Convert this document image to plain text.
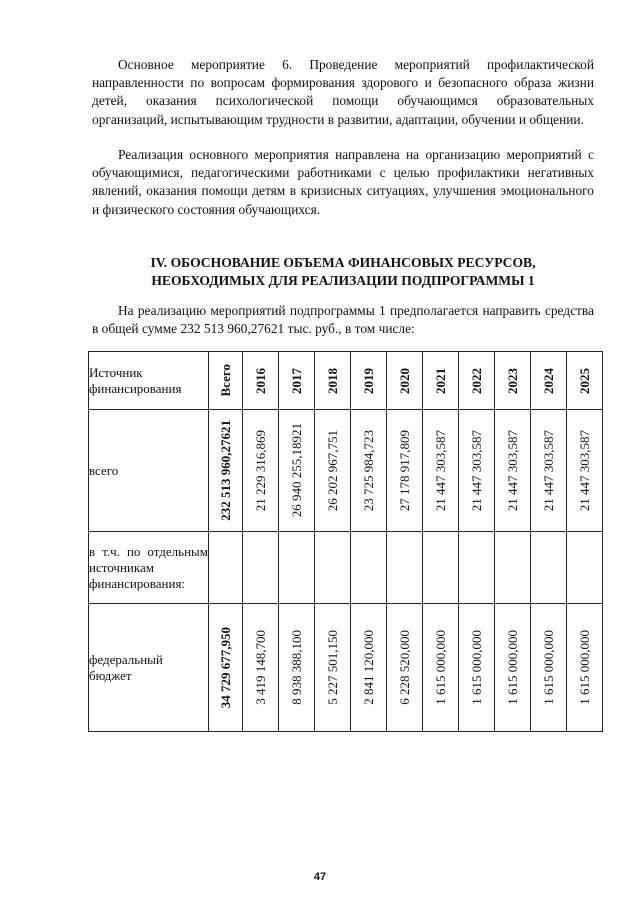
Основное мероприятие 6. Проведение мероприятий профилактической направленности по вопросам формирования здорового и безопасного образа жизни детей, оказания психологической помощи обучающимся образовательных организаций, испытывающим трудности в развитии, адаптации, обучении и общении.

Реализация основного мероприятия направлена на организацию мероприятий с обучающимися, педагогическими работниками с целью профилактики негативных явлений, оказания помощи детям в кризисных ситуациях, улучшения эмоционального и физического состояния обучающихся.

IV. ОБОСНОВАНИЕ ОБЪЕМА ФИНАНСОВЫХ РЕСУРСОВ,
НЕОБХОДИМЫХ ДЛЯ РЕАЛИЗАЦИИ ПОДПРОГРАММЫ 1

На реализацию мероприятий подпрограммы 1 предполагается направить средства в общей сумме 232 513 960,27621 тыс. руб., в том числе:

Источник финансирования	Всего	2016	2017	2018	2019	2020	2021	2022	2023	2024	2025

всего	232 513 960,27621	21 229 316,869	26 940 255,18921	26 202 967,751	23 725 984,723	27 178 917,809	21 447 303,587	21 447 303,587	21 447 303,587	21 447 303,587	21 447 303,587

в т.ч. по отдельным источникам финансирования:											
федеральный бюджет	34 729 677,950	3 419 148,700	8 938 388,100	5 227 501,150	2 841 120,000	6 228 520,000	1 615 000,000	1 615 000,000	1 615 000,000	1 615 000,000	1 615 000,000
47
